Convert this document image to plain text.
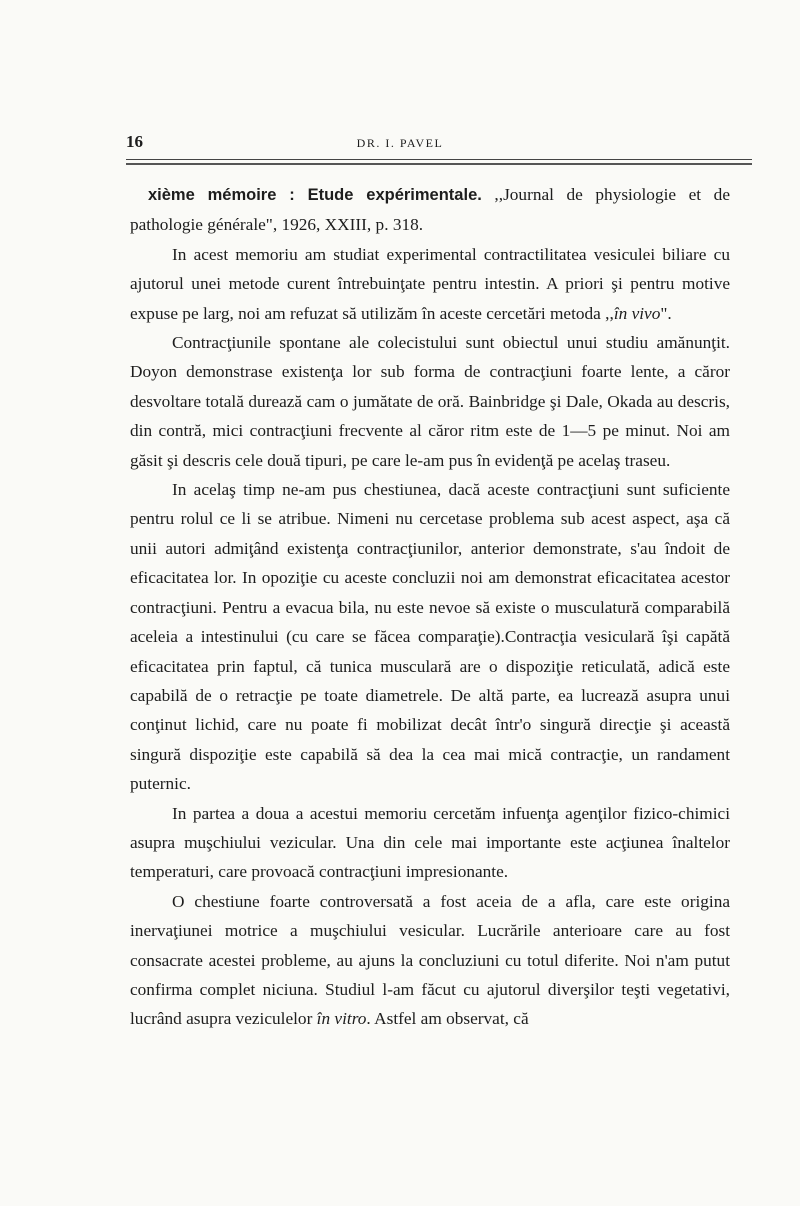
16	DR. I. PAVEL

xième mémoire : Etude expérimentale. ,,Journal de physiologie et de pathologie générale", 1926, XXIII, p. 318.

In acest memoriu am studiat experimental contractilitatea vesiculei biliare cu ajutorul unei metode curent întrebuinţate pentru intestin. A priori şi pentru motive expuse pe larg, noi am refuzat să utilizăm în aceste cercetări metoda ,,în vivo".

Contracţiunile spontane ale colecistului sunt obiectul unui studiu amănunţit. Doyon demonstrase existenţa lor sub forma de contracţiuni foarte lente, a căror desvoltare totală durează cam o jumătate de oră. Bainbridge şi Dale, Okada au descris, din contră, mici contracţiuni frecvente al căror ritm este de 1—5 pe minut. Noi am găsit şi descris cele două tipuri, pe care le-am pus în evidenţă pe acelaş traseu.

In acelaş timp ne-am pus chestiunea, dacă aceste contracţiuni sunt suficiente pentru rolul ce li se atribue. Nimeni nu cercetase problema sub acest aspect, aşa că unii autori admiţând existenţa contracţiunilor, anterior demonstrate, s'au îndoit de eficacitatea lor. In opoziţie cu aceste concluzii noi am demonstrat eficacitatea acestor contracţiuni. Pentru a evacua bila, nu este nevoe să existe o musculatură comparabilă aceleia a intestinului (cu care se făcea comparaţie).Contracţia vesiculară îşi capătă eficacitatea prin faptul, că tunica musculară are o dispoziţie reticulată, adică este capabilă de o retracţie pe toate diametrele. De altă parte, ea lucrează asupra unui conţinut lichid, care nu poate fi mobilizat decât într'o singură direcţie şi această singură dispoziţie este capabilă să dea la cea mai mică contracţie, un randament puternic.

In partea a doua a acestui memoriu cercetăm infuenţa agenţilor fizico-chimici asupra muşchiului vezicular. Una din cele mai importante este acţiunea înaltelor temperaturi, care provoacă contracţiuni impresionante.

O chestiune foarte controversată a fost aceia de a afla, care este origina inervaţiunei motrice a muşchiului vesicular. Lucrările anterioare care au fost consacrate acestei probleme, au ajuns la concluziuni cu totul diferite. Noi n'am putut confirma complet niciuna. Studiul l-am făcut cu ajutorul diverşilor teşti vegetativi, lucrând asupra veziculelor în vitro. Astfel am observat, că
